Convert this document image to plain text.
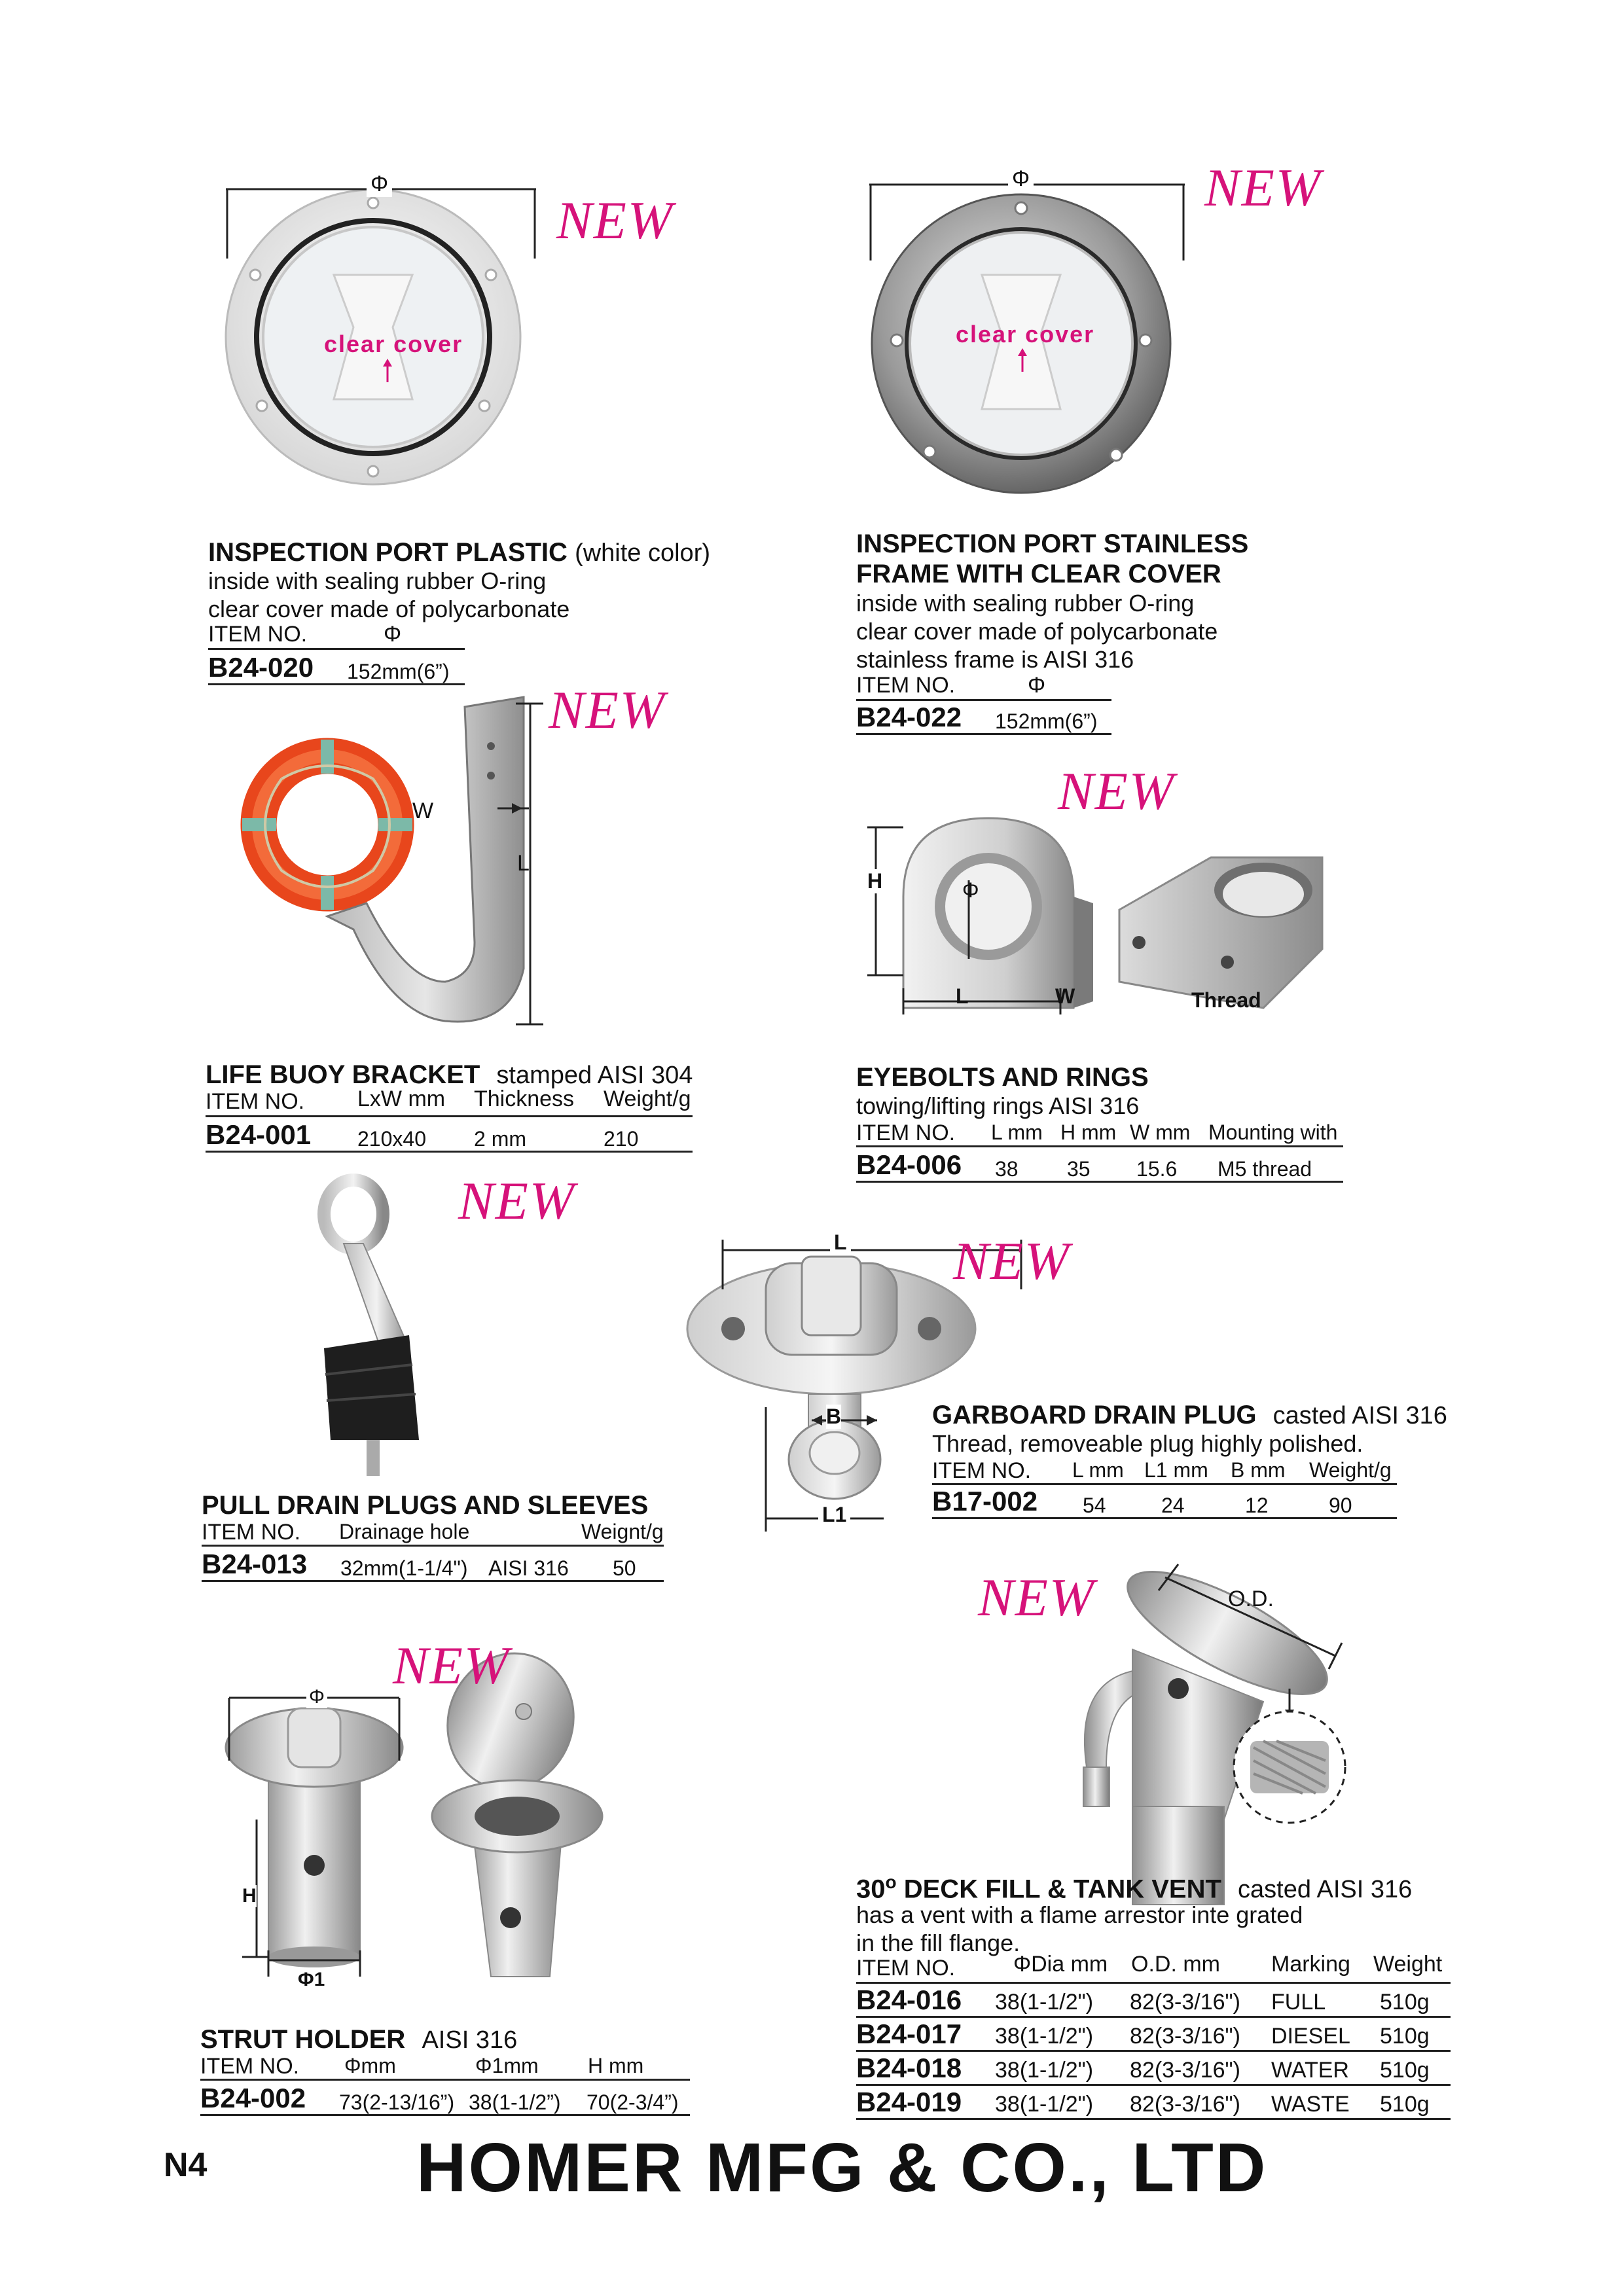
Φ
clear cover
NEW
INSPECTION PORT PLASTIC (white color)
inside with sealing rubber O-ring
clear cover made of polycarbonate
ITEM NO.	Φ
B24-020 152mm(6”)
Φ
clear cover
NEW
INSPECTION PORT STAINLESS
FRAME WITH CLEAR COVER
inside with sealing rubber O-ring
clear cover made of polycarbonate
stainless frame is AISI 316
ITEM NO.	Φ
B24-022 152mm(6”)
W
L
NEW
LIFE BUOY BRACKET stamped AISI 304
ITEM NO. LxW mm Thickness Weight/g
B24-001 210x40 2 mm	210
H	Φ
L	W	Thread
NEW
EYEBOLTS AND RINGS
towing/lifting rings AISI 316
ITEM NO. L mm H mm W mm Mounting with
B24-006 38 35 15.6 M5 thread
NEW
PULL DRAIN PLUGS AND SLEEVES
ITEM NO. Drainage hole	Weignt/g
B24-013 32mm(1-1/4") AISI 316 50
L
B
L1
NEW
GARBOARD DRAIN PLUG casted AISI 316
Thread, removeable plug highly polished.
ITEM NO. L mm L1 mm B mm Weight/g
B17-002 54	24	12	90
Φ
H
Φ1
NEW
STRUT HOLDER AISI 316
ITEM NO. Φmm	Φ1mm H mm
B24-002 73(2-13/16”) 38(1-1/2”) 70(2-3/4”)
O.D.
NEW
30$^o$ DECK FILL & TANK VENT casted AISI 316
has a vent with a flame arrestor inte grated
in the fill flange.
ITEM NO.	ΦDia mm O.D. mm Marking Weight
B24-016 38(1-1/2") 82(3-3/16") FULL 510g
B24-017 38(1-1/2") 82(3-3/16") DIESEL 510g
B24-018 38(1-1/2") 82(3-3/16") WATER 510g
B24-019 38(1-1/2") 82(3-3/16") WASTE 510g
N4	HOMER MFG & CO., LTD
